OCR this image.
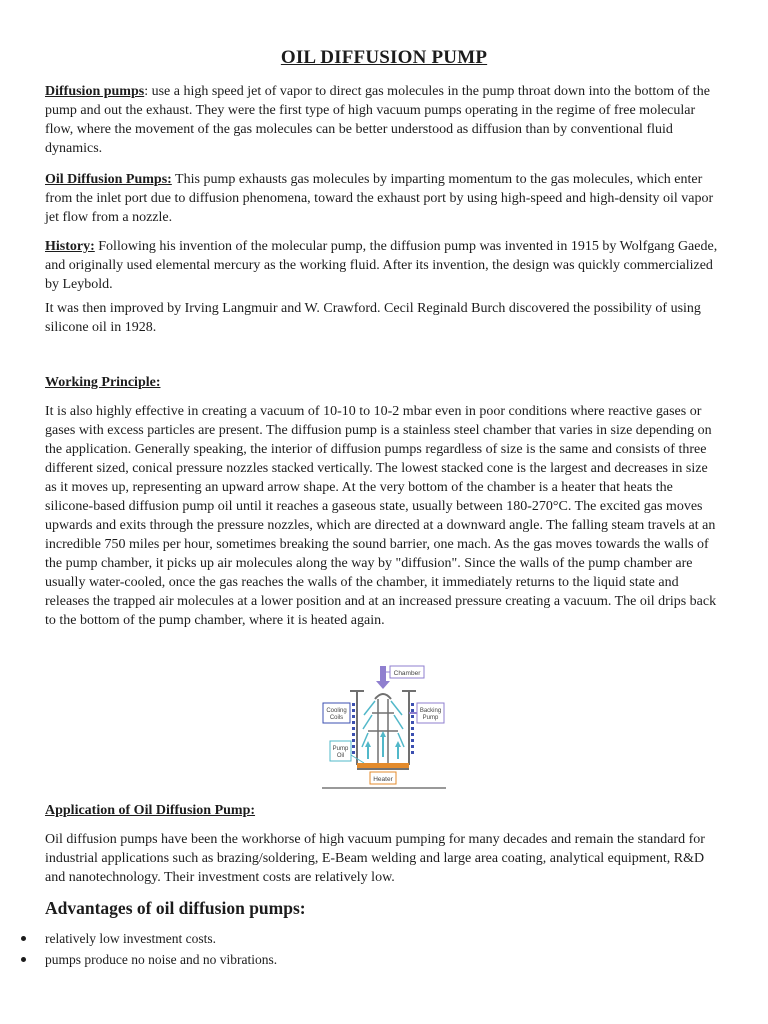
OIL DIFFUSION PUMP

Diffusion pumps: use a high speed jet of vapor to direct gas molecules in the pump throat down into the bottom of the pump and out the exhaust. They were the first type of high vacuum pumps operating in the regime of free molecular flow, where the movement of the gas molecules can be better understood as diffusion than by conventional fluid dynamics.

Oil Diffusion Pumps: This pump exhausts gas molecules by imparting momentum to the gas molecules, which enter from the inlet port due to diffusion phenomena, toward the exhaust port by using high-speed and high-density oil vapor jet flow from a nozzle.

History: Following his invention of the molecular pump, the diffusion pump was invented in 1915 by Wolfgang Gaede, and originally used elemental mercury as the working fluid. After its invention, the design was quickly commercialized by Leybold.

It was then improved by Irving Langmuir and W. Crawford. Cecil Reginald Burch discovered the possibility of using silicone oil in 1928.

Working Principle:

It is also highly effective in creating a vacuum of 10-10 to 10-2 mbar even in poor conditions where reactive gases or gases with excess particles are present. The diffusion pump is a stainless steel chamber that varies in size depending on the application. Generally speaking, the interior of diffusion pumps regardless of size is the same and consists of three different sized, conical pressure nozzles stacked vertically. The lowest stacked cone is the largest and decreases in size as it moves up, representing an upward arrow shape. At the very bottom of the chamber is a heater that heats the silicone-based diffusion pump oil until it reaches a gaseous state, usually between 180-270°C. The excited gas moves upwards and exits through the pressure nozzles, which are directed at a downward angle. The falling steam travels at an incredible 750 miles per hour, sometimes breaking the sound barrier, one mach. As the gas moves towards the walls of the pump chamber, it picks up air molecules along the way by "diffusion". Since the walls of the pump chamber are usually water-cooled, once the gas reaches the walls of the chamber, it immediately returns to the liquid state and releases the trapped air molecules at a lower position and at an increased pressure creating a vacuum. The oil drips back to the bottom of the pump chamber, where it is heated again.

Chamber
Cooling
Coils
Backing
Pump
Pump
Oil
Heater
Application of Oil Diffusion Pump:

Oil diffusion pumps have been the workhorse of high vacuum pumping for many decades and remain the standard for industrial applications such as brazing/soldering, E-Beam welding and large area coating, analytical equipment, R&D and nanotechnology. Their investment costs are relatively low.

Advantages of oil diffusion pumps:
relatively low investment costs.
pumps produce no noise and no vibrations.
